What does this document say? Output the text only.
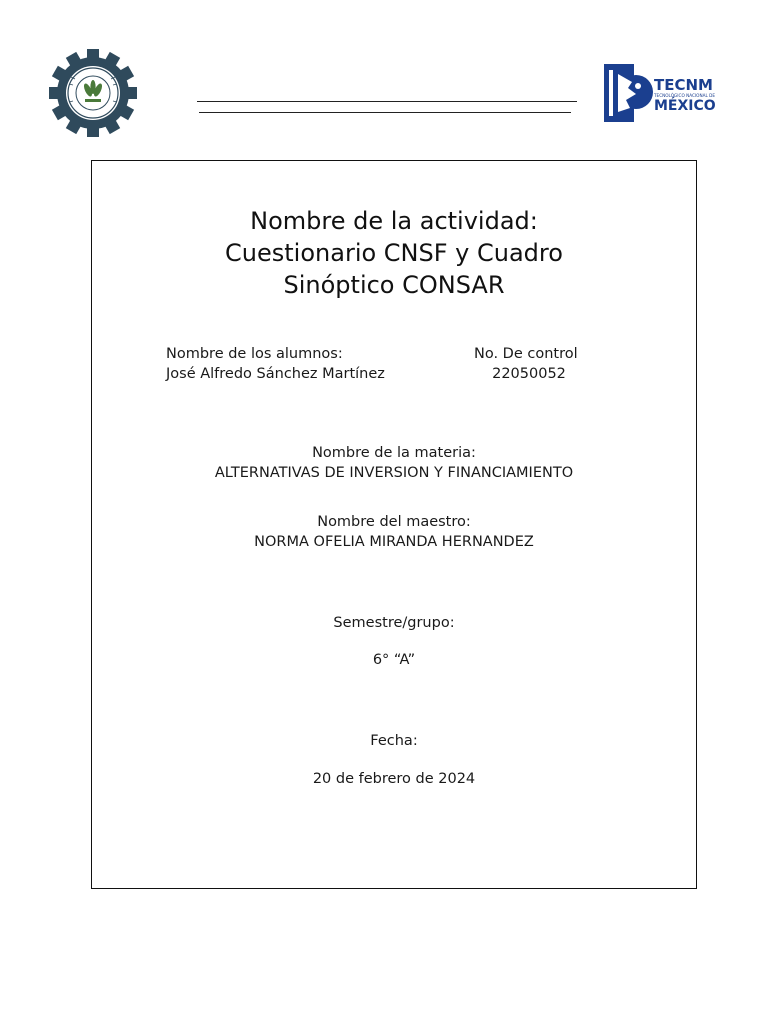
TECNM
TECNOLÓGICO NACIONAL DE
MÉXICO
Nombre de la actividad:
Cuestionario CNSF y Cuadro
Sinóptico CONSAR
Nombre de los alumnos:
José Alfredo Sánchez Martínez
No. De control
22050052
Nombre de la materia:
ALTERNATIVAS DE INVERSION Y FINANCIAMIENTO
Nombre del maestro:
NORMA OFELIA MIRANDA HERNANDEZ
Semestre/grupo:
6° “A”
Fecha:
20 de febrero de 2024
